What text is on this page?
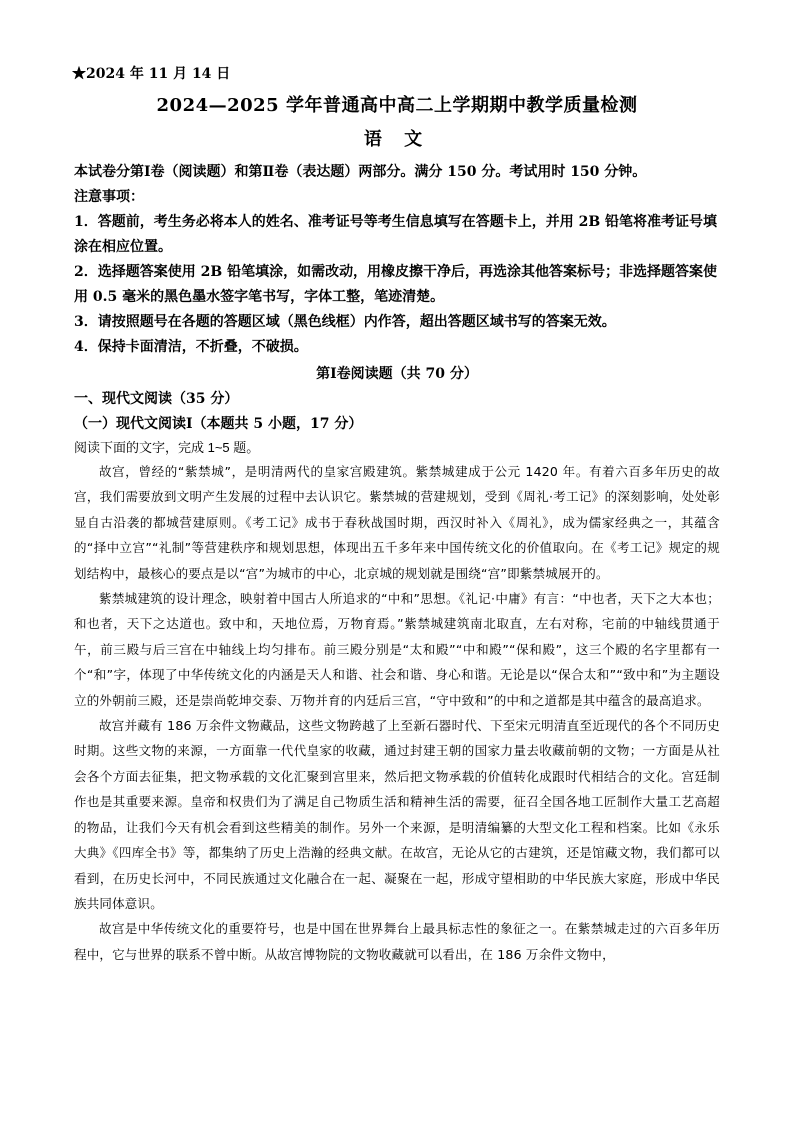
★2024 年 11 月 14 日

2024—2025 学年普通高中高二上学期期中教学质量检测

语 文

本试卷分第Ⅰ卷（阅读题）和第Ⅱ卷（表达题）两部分。满分 150 分。考试用时 150 分钟。

注意事项：

1．答题前，考生务必将本人的姓名、准考证号等考生信息填写在答题卡上，并用 2B 铅笔将准考证号填涂在相应位置。

2．选择题答案使用 2B 铅笔填涂，如需改动，用橡皮擦干净后，再选涂其他答案标号；非选择题答案使用 0.5 毫米的黑色墨水签字笔书写，字体工整，笔迹清楚。

3．请按照题号在各题的答题区域（黑色线框）内作答，超出答题区域书写的答案无效。

4．保持卡面清洁，不折叠，不破损。

第Ⅰ卷阅读题（共 70 分）

一、现代文阅读（35 分）

（一）现代文阅读Ⅰ（本题共 5 小题，17 分）

阅读下面的文字，完成 1~5 题。

故宫，曾经的“紫禁城”，是明清两代的皇家宫殿建筑。紫禁城建成于公元 1420 年。有着六百多年历史的故宫，我们需要放到文明产生发展的过程中去认识它。紫禁城的营建规划，受到《周礼·考工记》的深刻影响，处处彰显自古沿袭的都城营建原则。《考工记》成书于春秋战国时期，西汉时补入《周礼》，成为儒家经典之一，其蕴含的“择中立宫”“礼制”等营建秩序和规划思想，体现出五千多年来中国传统文化的价值取向。在《考工记》规定的规划结构中，最核心的要点是以“宫”为城市的中心，北京城的规划就是围绕“宫”即紫禁城展开的。

紫禁城建筑的设计理念，映射着中国古人所追求的“中和”思想。《礼记·中庸》有言：“中也者，天下之大本也；和也者，天下之达道也。致中和，天地位焉，万物育焉。”紫禁城建筑南北取直，左右对称，宅前的中轴线贯通于午，前三殿与后三宫在中轴线上均匀排布。前三殿分别是“太和殿”“中和殿”“保和殿”，这三个殿的名字里都有一个“和”字，体现了中华传统文化的内涵是天人和谐、社会和谐、身心和谐。无论是以“保合太和”“致中和”为主题设立的外朝前三殿，还是崇尚乾坤交泰、万物并育的内廷后三宫，“守中致和”的中和之道都是其中蕴含的最高追求。

故宫并藏有 186 万余件文物藏品，这些文物跨越了上至新石器时代、下至宋元明清直至近现代的各个不同历史时期。这些文物的来源，一方面靠一代代皇家的收藏，通过封建王朝的国家力量去收藏前朝的文物；一方面是从社会各个方面去征集，把文物承载的文化汇聚到宫里来，然后把文物承载的价值转化成跟时代相结合的文化。宫廷制作也是其重要来源。皇帝和权贵们为了满足自己物质生活和精神生活的需要，征召全国各地工匠制作大量工艺高超的物品，让我们今天有机会看到这些精美的制作。另外一个来源，是明清编纂的大型文化工程和档案。比如《永乐大典》《四库全书》等，都集纳了历史上浩瀚的经典文献。在故宫，无论从它的古建筑，还是馆藏文物，我们都可以看到，在历史长河中，不同民族通过文化融合在一起、凝聚在一起，形成守望相助的中华民族大家庭，形成中华民族共同体意识。

故宫是中华传统文化的重要符号，也是中国在世界舞台上最具标志性的象征之一。在紫禁城走过的六百多年历程中，它与世界的联系不曾中断。从故宫博物院的文物收藏就可以看出，在 186 万余件文物中，
